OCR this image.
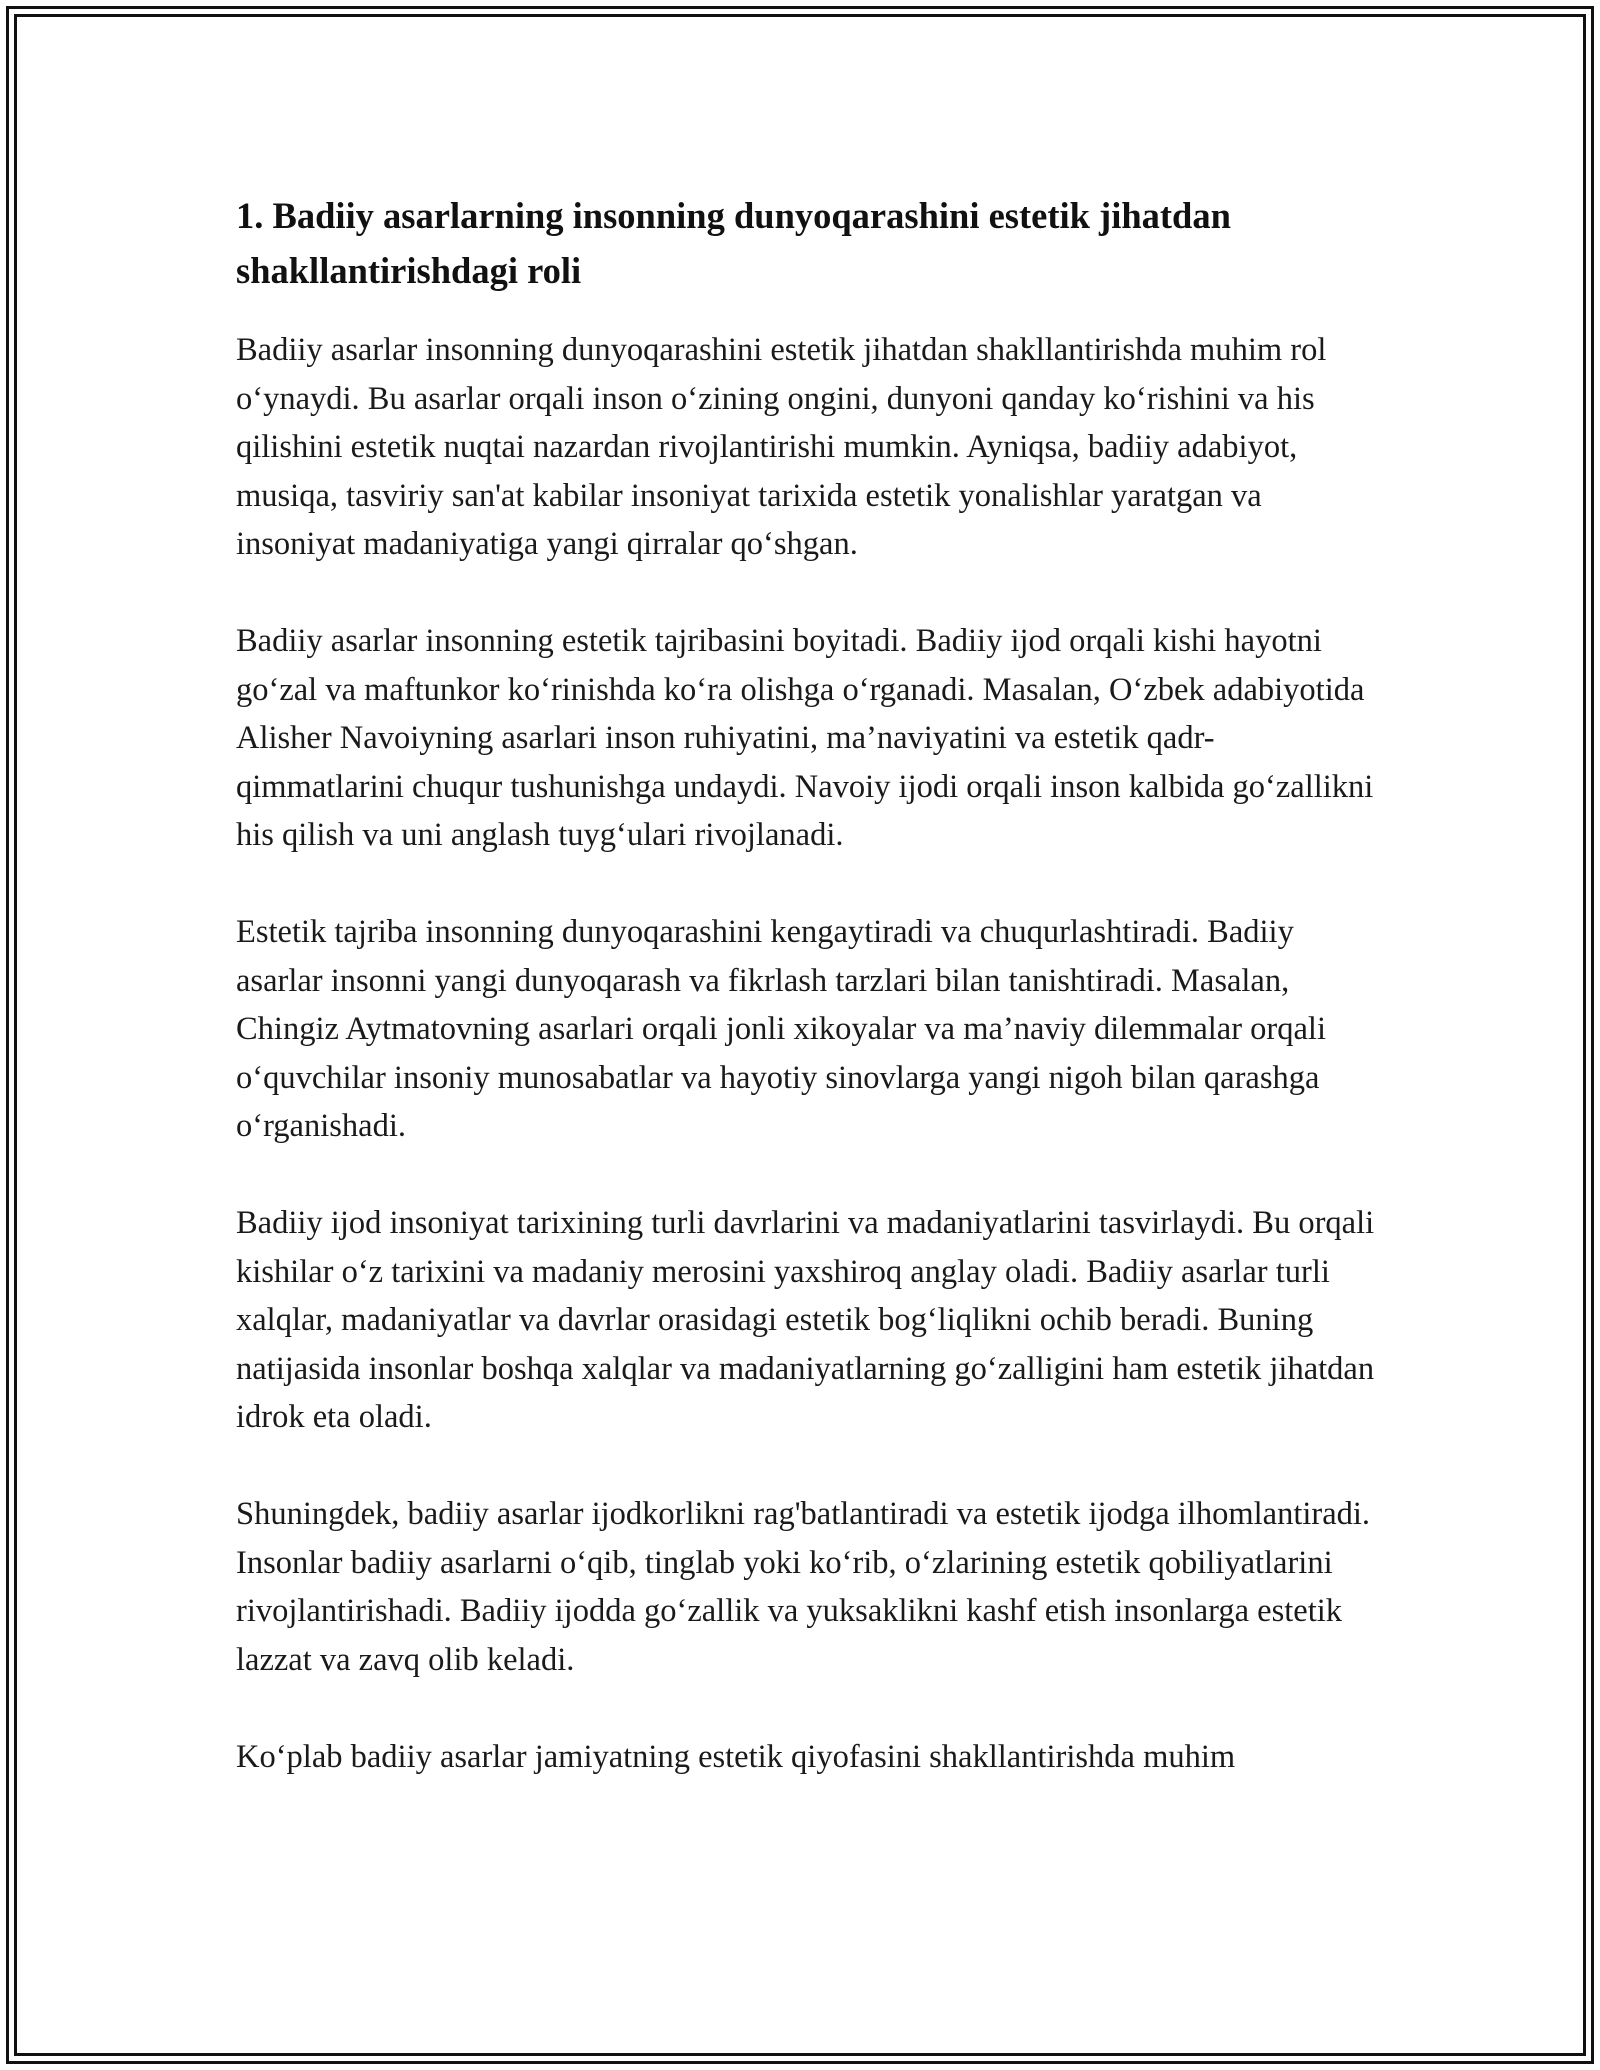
1. Badiiy asarlarning insonning dunyoqarashini estetik jihatdan shakllantirishdagi roli

Badiiy asarlar insonning dunyoqarashini estetik jihatdan shakllantirishda muhim rol o‘ynaydi. Bu asarlar orqali inson o‘zining ongini, dunyoni qanday ko‘rishini va his qilishini estetik nuqtai nazardan rivojlantirishi mumkin. Ayniqsa, badiiy adabiyot, musiqa, tasviriy san'at kabilar insoniyat tarixida estetik yonalishlar yaratgan va insoniyat madaniyatiga yangi qirralar qo‘shgan.

Badiiy asarlar insonning estetik tajribasini boyitadi. Badiiy ijod orqali kishi hayotni go‘zal va maftunkor ko‘rinishda ko‘ra olishga o‘rganadi. Masalan, O‘zbek adabiyotida Alisher Navoiyning asarlari inson ruhiyatini, ma’naviyatini va estetik qadr-qimmatlarini chuqur tushunishga undaydi. Navoiy ijodi orqali inson kalbida go‘zallikni his qilish va uni anglash tuyg‘ulari rivojlanadi.

Estetik tajriba insonning dunyoqarashini kengaytiradi va chuqurlashtiradi. Badiiy asarlar insonni yangi dunyoqarash va fikrlash tarzlari bilan tanishtiradi. Masalan, Chingiz Aytmatovning asarlari orqali jonli xikoyalar va ma’naviy dilemmalar orqali o‘quvchilar insoniy munosabatlar va hayotiy sinovlarga yangi nigoh bilan qarashga o‘rganishadi.

Badiiy ijod insoniyat tarixining turli davrlarini va madaniyatlarini tasvirlaydi. Bu orqali kishilar o‘z tarixini va madaniy merosini yaxshiroq anglay oladi. Badiiy asarlar turli xalqlar, madaniyatlar va davrlar orasidagi estetik bog‘liqlikni ochib beradi. Buning natijasida insonlar boshqa xalqlar va madaniyatlarning go‘zalligini ham estetik jihatdan idrok eta oladi.

Shuningdek, badiiy asarlar ijodkorlikni rag'batlantiradi va estetik ijodga ilhomlantiradi. Insonlar badiiy asarlarni o‘qib, tinglab yoki ko‘rib, o‘zlarining estetik qobiliyatlarini rivojlantirishadi. Badiiy ijodda go‘zallik va yuksaklikni kashf etish insonlarga estetik lazzat va zavq olib keladi.

Ko‘plab badiiy asarlar jamiyatning estetik qiyofasini shakllantirishda muhim
